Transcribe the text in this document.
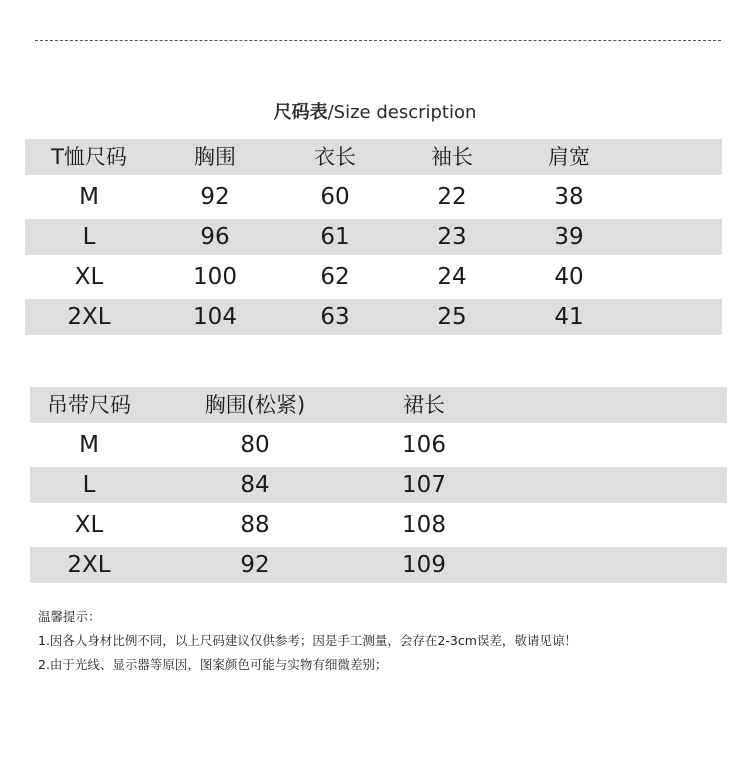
尺码表/Size description
T恤尺码	胸围	衣长	袖长	肩宽
M	92	60	22	38
L	96	61	23	39
XL	100	62	24	40
2XL	104	63	25	41
吊带尺码	胸围(松紧)	裙长
M	80	106
L	84	107
XL	88	108
2XL	92	109
温馨提示：
1.因各人身材比例不同，以上尺码建议仅供参考；因是手工测量，会存在2-3cm误差，敬请见谅！
2.由于光线、显示器等原因，图案颜色可能与实物有细微差别；
